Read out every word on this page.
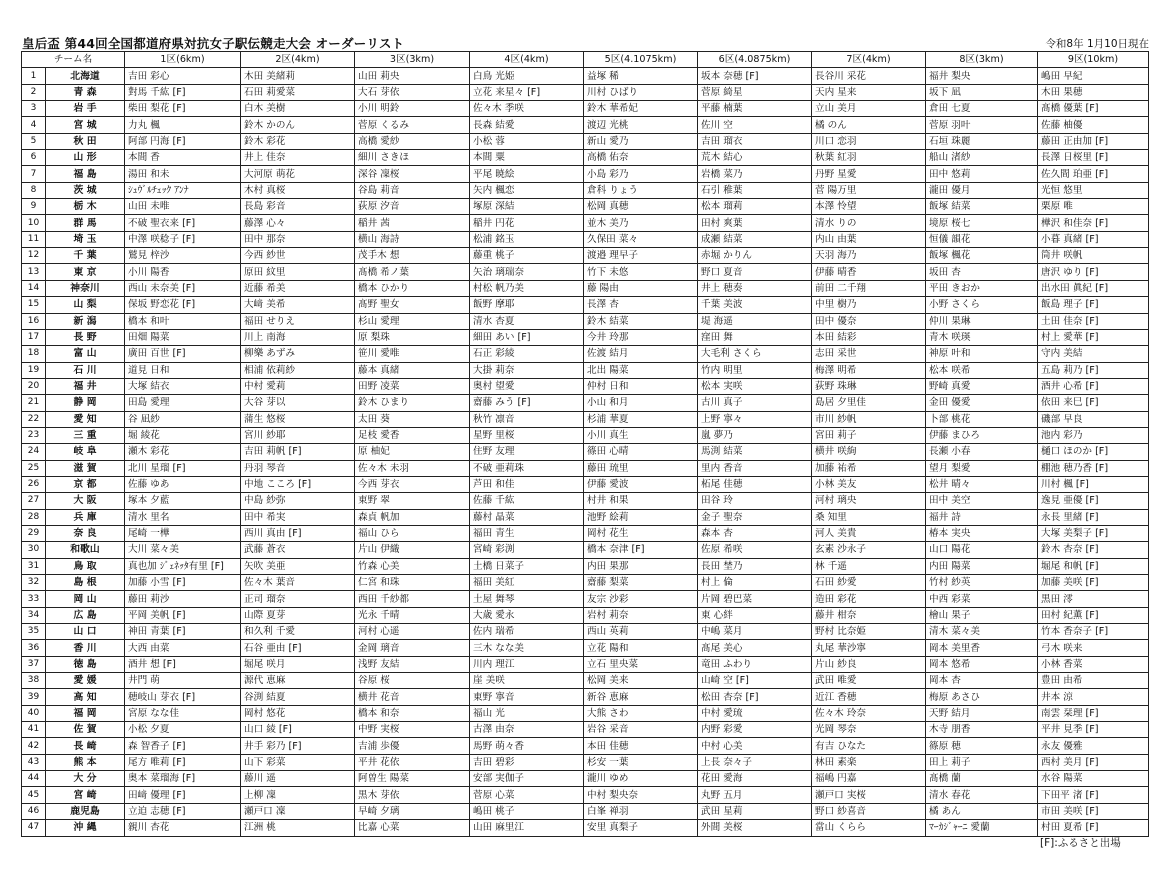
皇后盃 第44回全国都道府県対抗女子駅伝競走大会 オーダーリスト	令和8年 1月10日現在
チーム名		1区(6km)	2区(4km)	3区(3km)	4区(4km)	5区(4.1075km)	6区(4.0875km)	7区(4km)	8区(3km)	9区(10km)
1	北海道	吉田 彩心	木田 美緒莉	山田 莉央	白鳥 光姫	益塚 稀	坂本 奈穂 [F]	長谷川 采花	福井 梨央	嶋田 早紀
2	青 森	對馬 千紘 [F]	石田 莉愛菜	大石 芽依	立花 来星々 [F]	川村 ひばり	菅原 綺星	天内 星来	坂下 凪	木田 果穂
3	岩 手	柴田 梨花 [F]	白木 美樹	小川 明鈴	佐々木 季咲	鈴木 華希妃	平藤 楠葉	立山 美月	倉田 七夏	髙橋 優葉 [F]
4	宮 城	力丸 楓	鈴木 かのん	菅原 くるみ	長森 結愛	渡辺 光桃	佐川 空	橘 のん	菅原 羽叶	佐藤 柚優
5	秋 田	阿部 円海 [F]	鈴木 彩花	高橋 愛紗	小松 蓉	新山 愛乃	吉田 瑠衣	川口 恋羽	石垣 珠麗	藤田 正由加 [F]
6	山 形	本間 香	井上 佳奈	細川 さきほ	本間 粟	高橋 佑奈	荒木 結心	秋葉 紅羽	船山 渚紗	長澤 日桜里 [F]
7	福 島	湯田 和未	大河原 萌花	深谷 凜桜	平尾 暁絵	小島 彩乃	岩橋 菜乃	丹野 星愛	田中 悠莉	佐久間 珀亜 [F]
8	茨 城	ｼｭｳﾞﾙﾁｪｯｸ ｱﾝﾅ	木村 真桜	谷島 莉音	矢内 楓恋	倉科 りょう	石引 稚葉	菅 陽万里	瀧田 優月	光恒 悠里
9	栃 木	山田 未唯	長島 彩音	荻原 汐音	塚原 深結	松岡 真穂	松本 瑠莉	本澤 怜望	飯塚 結菜	栗原 唯
10	群 馬	不破 聖衣来 [F]	藤澤 心々	稲井 茜	稲井 円花	並木 美乃	田村 爽葉	清水 りの	境原 桜七	樺沢 和佳奈 [F]
11	埼 玉	中澤 咲稔子 [F]	田中 那奈	横山 海詩	松浦 銘玉	久保田 菜々	成瀬 結菜	内山 由葉	恒儀 韻花	小暮 真緒 [F]
12	千 葉	鷲見 梓沙	今西 紗世	茂手木 想	藤重 桃子	渡邉 理早子	赤堀 かりん	天羽 海乃	飯塚 楓花	筒井 咲帆
13	東 京	小川 陽香	原田 紋里	髙橋 希ノ葉	矢治 璃瑞奈	竹下 未悠	野口 夏音	伊藤 晴香	坂田 杏	唐沢 ゆり [F]
14	神奈川	西山 未奈美 [F]	近藤 希美	橋本 ひかり	村松 帆乃美	藤 陽由	井上 穂奏	前田 二千翔	平田 きおか	出水田 眞紀 [F]
15	山 梨	保坂 野恋花 [F]	大﨑 美希	髙野 聖女	飯野 摩耶	長澤 杏	千葉 美波	中里 樹乃	小野 さくら	飯島 理子 [F]
16	新 潟	橋本 和叶	福田 せりえ	杉山 愛理	清水 杏夏	鈴木 結菜	堤 海遥	田中 優奈	仲川 果琳	土田 佳奈 [F]
17	長 野	田畑 陽菜	川上 南海	原 梨珠	細田 あい [F]	今井 玲那	窪田 舞	本田 結彩	青木 咲瑛	村上 愛華 [F]
18	富 山	廣田 百世 [F]	柳樂 あずみ	笹川 愛唯	石正 彩綾	佐渡 結月	大毛利 さくら	志田 采世	神原 叶和	守内 美結
19	石 川	道見 日和	相浦 依莉紗	藤本 真緒	大掛 莉奈	北出 陽菜	竹内 明里	梅澤 明希	松本 咲希	五島 莉乃 [F]
20	福 井	大塚 結衣	中村 愛莉	田野 凌菜	奥村 望愛	仲村 日和	松本 実咲	荻野 珠琳	野崎 真愛	酒井 心希 [F]
21	静 岡	田島 愛理	大谷 芽以	鈴木 ひまり	齋藤 みう [F]	小山 和月	古川 真子	島居 夕里佳	金田 優愛	依田 来巳 [F]
22	愛 知	谷 凪紗	蒲生 悠桜	太田 葵	秋竹 凛音	杉浦 華夏	上野 寧々	市川 紗帆	卜部 桃花	磯部 早良
23	三 重	堀 綾花	宮川 紗耶	足枝 愛香	星野 里桜	小川 真生	嵐 夢乃	宮田 莉子	伊藤 まひろ	池内 彩乃
24	岐 阜	瀬木 彩花	吉田 莉帆 [F]	原 柚妃	住野 友理	篠田 心晴	馬渕 結菜	横井 咲絢	長瀬 小春	樋口 ほのか [F]
25	滋 賀	北川 星瑠 [F]	丹羽 琴音	佐々木 未羽	不破 亜莉珠	藤田 琉里	里内 香音	加藤 祐希	望月 梨愛	棚池 穂乃香 [F]
26	京 都	佐藤 ゆあ	中地 こころ [F]	今西 芽衣	芦田 和佳	伊藤 愛波	柘尾 佳穂	小林 美友	松井 晴々	川村 楓 [F]
27	大 阪	塚本 夕藍	中島 紗弥	東野 翠	佐藤 千紘	村井 和果	田谷 玲	河村 璃央	田中 美空	逸見 亜優 [F]
28	兵 庫	清水 里名	田中 希実	森貞 帆加	藤村 晶菜	池野 絵莉	金子 聖奈	桑 知里	福井 詩	永長 里緒 [F]
29	奈 良	尾崎 一樺	西川 真由 [F]	福山 ひら	福田 青生	岡村 花生	森本 杏	河人 美貴	椿本 実央	大塚 美梨子 [F]
30	和歌山	大川 菜々美	武藤 蒼衣	片山 伊織	宮崎 彩渕	橋本 奈津 [F]	佐原 希咲	玄素 沙永子	山口 陽花	鈴木 杏奈 [F]
31	鳥 取	真也加 ｼﾞｪﾈｯﾀ有里 [F]	矢吹 美亜	竹森 心美	土橋 日菜子	内田 果那	長田 埜乃	林 千遥	内田 陽菜	堀尾 和帆 [F]
32	島 根	加藤 小雪 [F]	佐々木 葉音	仁宮 和珠	福田 美紅	齋藤 梨菜	村上 倫	石田 紗愛	竹村 紗英	加藤 美咲 [F]
33	岡 山	藤田 莉沙	正司 瑠奈	西田 千紗都	土屋 舞琴	友宗 沙彩	片岡 碧巴菜	造田 彩花	中西 彩菜	黒田 澪
34	広 島	平岡 美帆 [F]	山際 夏芽	光永 千晴	大歳 愛永	岩村 莉奈	東 心絆	藤井 柑奈	檜山 果子	田村 紀薫 [F]
35	山 口	神田 青葉 [F]	和久利 千愛	河村 心遥	佐内 瑞希	西山 英莉	中嶋 菜月	野村 比奈姫	清木 菜々美	竹本 香奈子 [F]
36	香 川	大西 由菜	石谷 亜由 [F]	金岡 璃音	三木 なな美	立花 陽和	髙尾 美心	丸尾 華沙寧	岡本 美里香	弓木 咲来
37	徳 島	酒井 想 [F]	堀尾 咲月	浅野 友結	川内 理江	立石 里央菜	竜田 ふわり	片山 紗良	岡本 悠希	小林 香菜
38	愛 媛	井門 萌	源代 恵麻	谷原 桜	崖 美咲	松岡 美来	山崎 空 [F]	武田 唯愛	岡本 杏	豊田 由希
39	高 知	穂岐山 芽衣 [F]	谷渕 結夏	横井 花音	東野 寧音	新谷 恵麻	松田 杏奈 [F]	近江 香穂	梅原 あさひ	井本 涼
40	福 岡	宮原 なな佳	岡村 悠花	橋本 和奈	福山 光	大熊 さわ	中村 愛琉	佐々木 玲奈	天野 結月	南雲 栞理 [F]
41	佐 賀	小松 夕夏	山口 綾 [F]	中野 実桜	古澤 由奈	岩谷 采音	内野 彩愛	光岡 琴奈	木寺 朋香	平井 見季 [F]
42	長 崎	森 智香子 [F]	井手 彩乃 [F]	吉浦 歩優	馬野 萌々香	本田 佳穂	中村 心美	有吉 ひなた	篠原 穂	永友 優雅
43	熊 本	尾方 唯莉 [F]	山下 彩菜	平井 花依	吉田 碧彩	杉安 一葉	上長 奈々子	林田 素楽	田上 莉子	西村 美月 [F]
44	大 分	奥本 菜瑠海 [F]	藤川 遥	阿曽生 陽菜	安部 実伽子	瀧川 ゆめ	花田 愛海	福嶋 円嘉	髙橋 蘭	水谷 陽菜
45	宮 崎	田﨑 優理 [F]	上柳 凜	黒木 芽依	菅原 心菜	中村 梨央奈	丸野 五月	瀬戸口 実桜	清水 春花	下田平 渚 [F]
46	鹿児島	立迫 志穂 [F]	瀬戸口 凜	早崎 夕璃	嶋田 桃子	白峯 禅羽	武田 星莉	野口 紗喜音	橘 あん	市田 美咲 [F]
47	沖 縄	親川 杏花	江洲 桃	比嘉 心菜	山田 麻里江	安里 真梨子	外間 美桜	當山 くらら	ﾏｰｶｼﾞｬｰﾆ 愛蘭	村田 夏希 [F]
[F]:ふるさと出場
